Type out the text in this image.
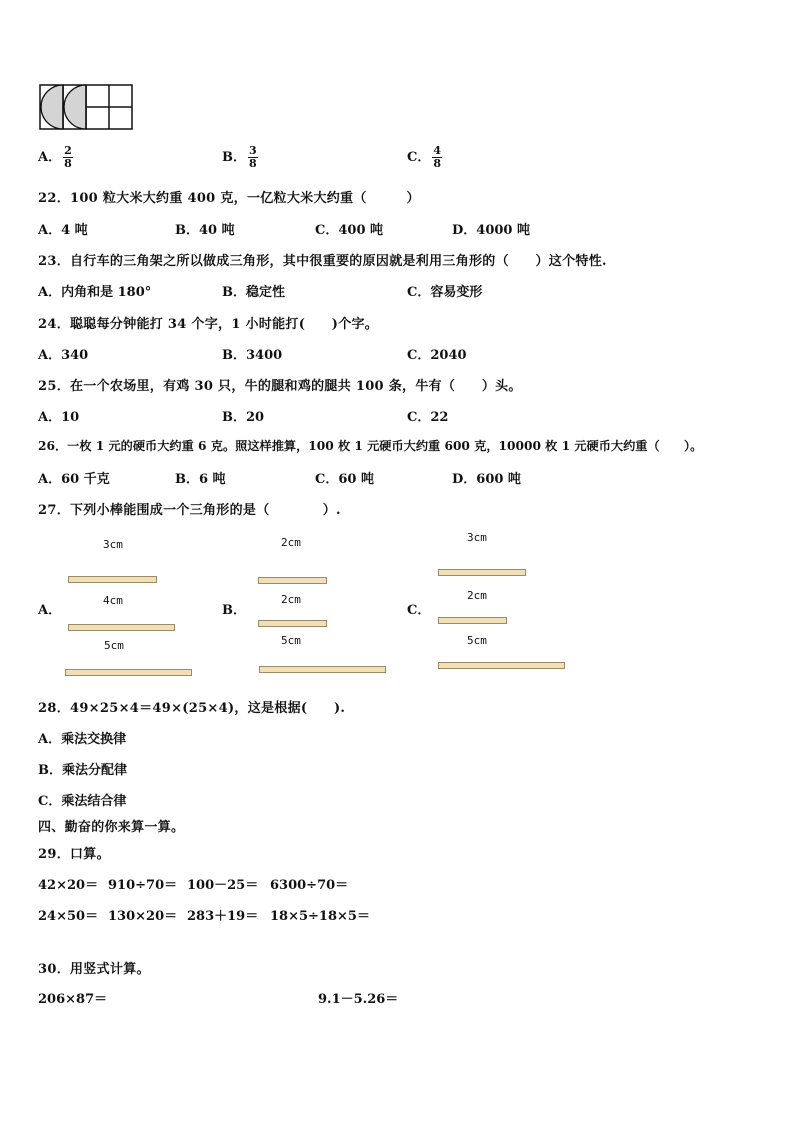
A． $\frac{2}{8}$	B． $\frac{3}{8}$	C． $\frac{4}{8}$
22．100 粒大米大约重 400 克，一亿粒大米大约重（　　　）
A．4 吨	B．40 吨	C．400 吨	D．4000 吨
23．自行车的三角架之所以做成三角形，其中很重要的原因就是利用三角形的（　　）这个特性.
A．内角和是 180°	B．稳定性	C．容易变形
24．聪聪每分钟能打 34 个字，1 小时能打(　　)个字。
A．340	B．3400	C．2040
25．在一个农场里，有鸡 30 只，牛的腿和鸡的腿共 100 条，牛有（　　）头。
A．10	B．20	C．22
26．一枚 1 元的硬币大约重 6 克。照这样推算，100 枚 1 元硬币大约重 600 克，10000 枚 1 元硬币大约重（　　）。
A．60 千克	B．6 吨	C．60 吨	D．600 吨
27．下列小棒能围成一个三角形的是（　　　　）.
A．
3cm
4cm
5cm
B．
2cm
2cm
5cm
C．
3cm
2cm
5cm
28．49×25×4＝49×(25×4)，这是根据(　　).
A．乘法交换律
B．乘法分配律
C．乘法结合律
四、勤奋的你来算一算。
29．口算。
42×20＝ 910÷70＝ 100－25＝ 6300÷70＝
24×50＝ 130×20＝ 283＋19＝ 18×5÷18×5＝
30．用竖式计算。
206×87＝	9.1－5.26＝
